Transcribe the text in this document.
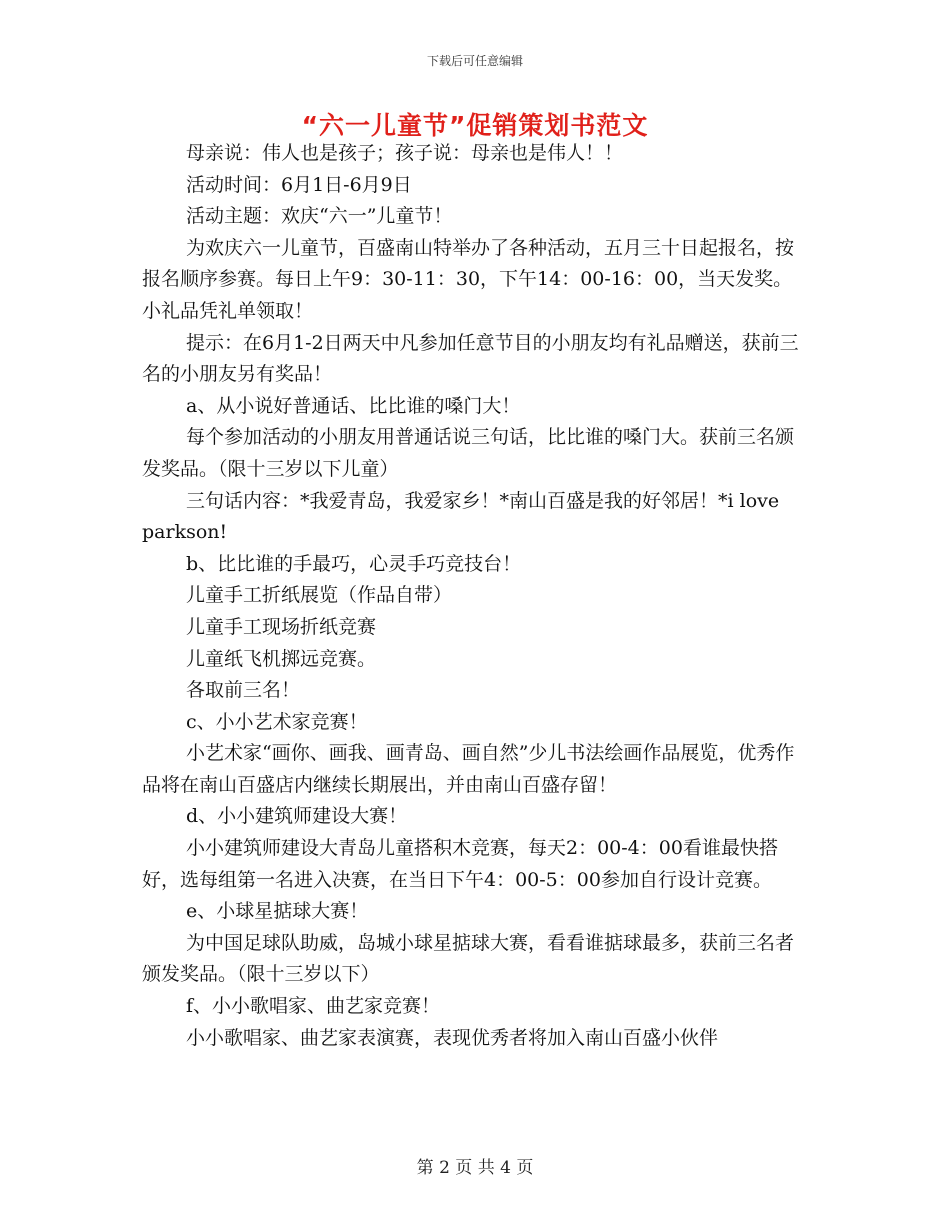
下载后可任意编辑
“六一儿童节”促销策划书范文

母亲说：伟人也是孩子；孩子说：母亲也是伟人！！

活动时间：6月1日-6月9日

活动主题：欢庆“六一”儿童节！

为欢庆六一儿童节，百盛南山特举办了各种活动，五月三十日起报名，按报名顺序参赛。每日上午9：30-11：30，下午14：00-16：00，当天发奖。小礼品凭礼单领取！

提示：在6月1-2日两天中凡参加任意节目的小朋友均有礼品赠送，获前三名的小朋友另有奖品！

a、从小说好普通话、比比谁的嗓门大！

每个参加活动的小朋友用普通话说三句话，比比谁的嗓门大。获前三名颁发奖品。（限十三岁以下儿童）

三句话内容：*我爱青岛，我爱家乡！*南山百盛是我的好邻居！*i love parkson!

b、比比谁的手最巧，心灵手巧竞技台！

儿童手工折纸展览（作品自带）

儿童手工现场折纸竞赛

儿童纸飞机掷远竞赛。

各取前三名！

c、小小艺术家竞赛！

小艺术家“画你、画我、画青岛、画自然”少儿书法绘画作品展览，优秀作品将在南山百盛店内继续长期展出，并由南山百盛存留！

d、小小建筑师建设大赛！

小小建筑师建设大青岛儿童搭积木竞赛，每天2：00-4：00看谁最快搭好，选每组第一名进入决赛，在当日下午4：00-5：00参加自行设计竞赛。

e、小球星掂球大赛！

为中国足球队助威，岛城小球星掂球大赛，看看谁掂球最多，获前三名者颁发奖品。（限十三岁以下）

f、小小歌唱家、曲艺家竞赛！

小小歌唱家、曲艺家表演赛，表现优秀者将加入南山百盛小伙伴

第 2 页 共 4 页
